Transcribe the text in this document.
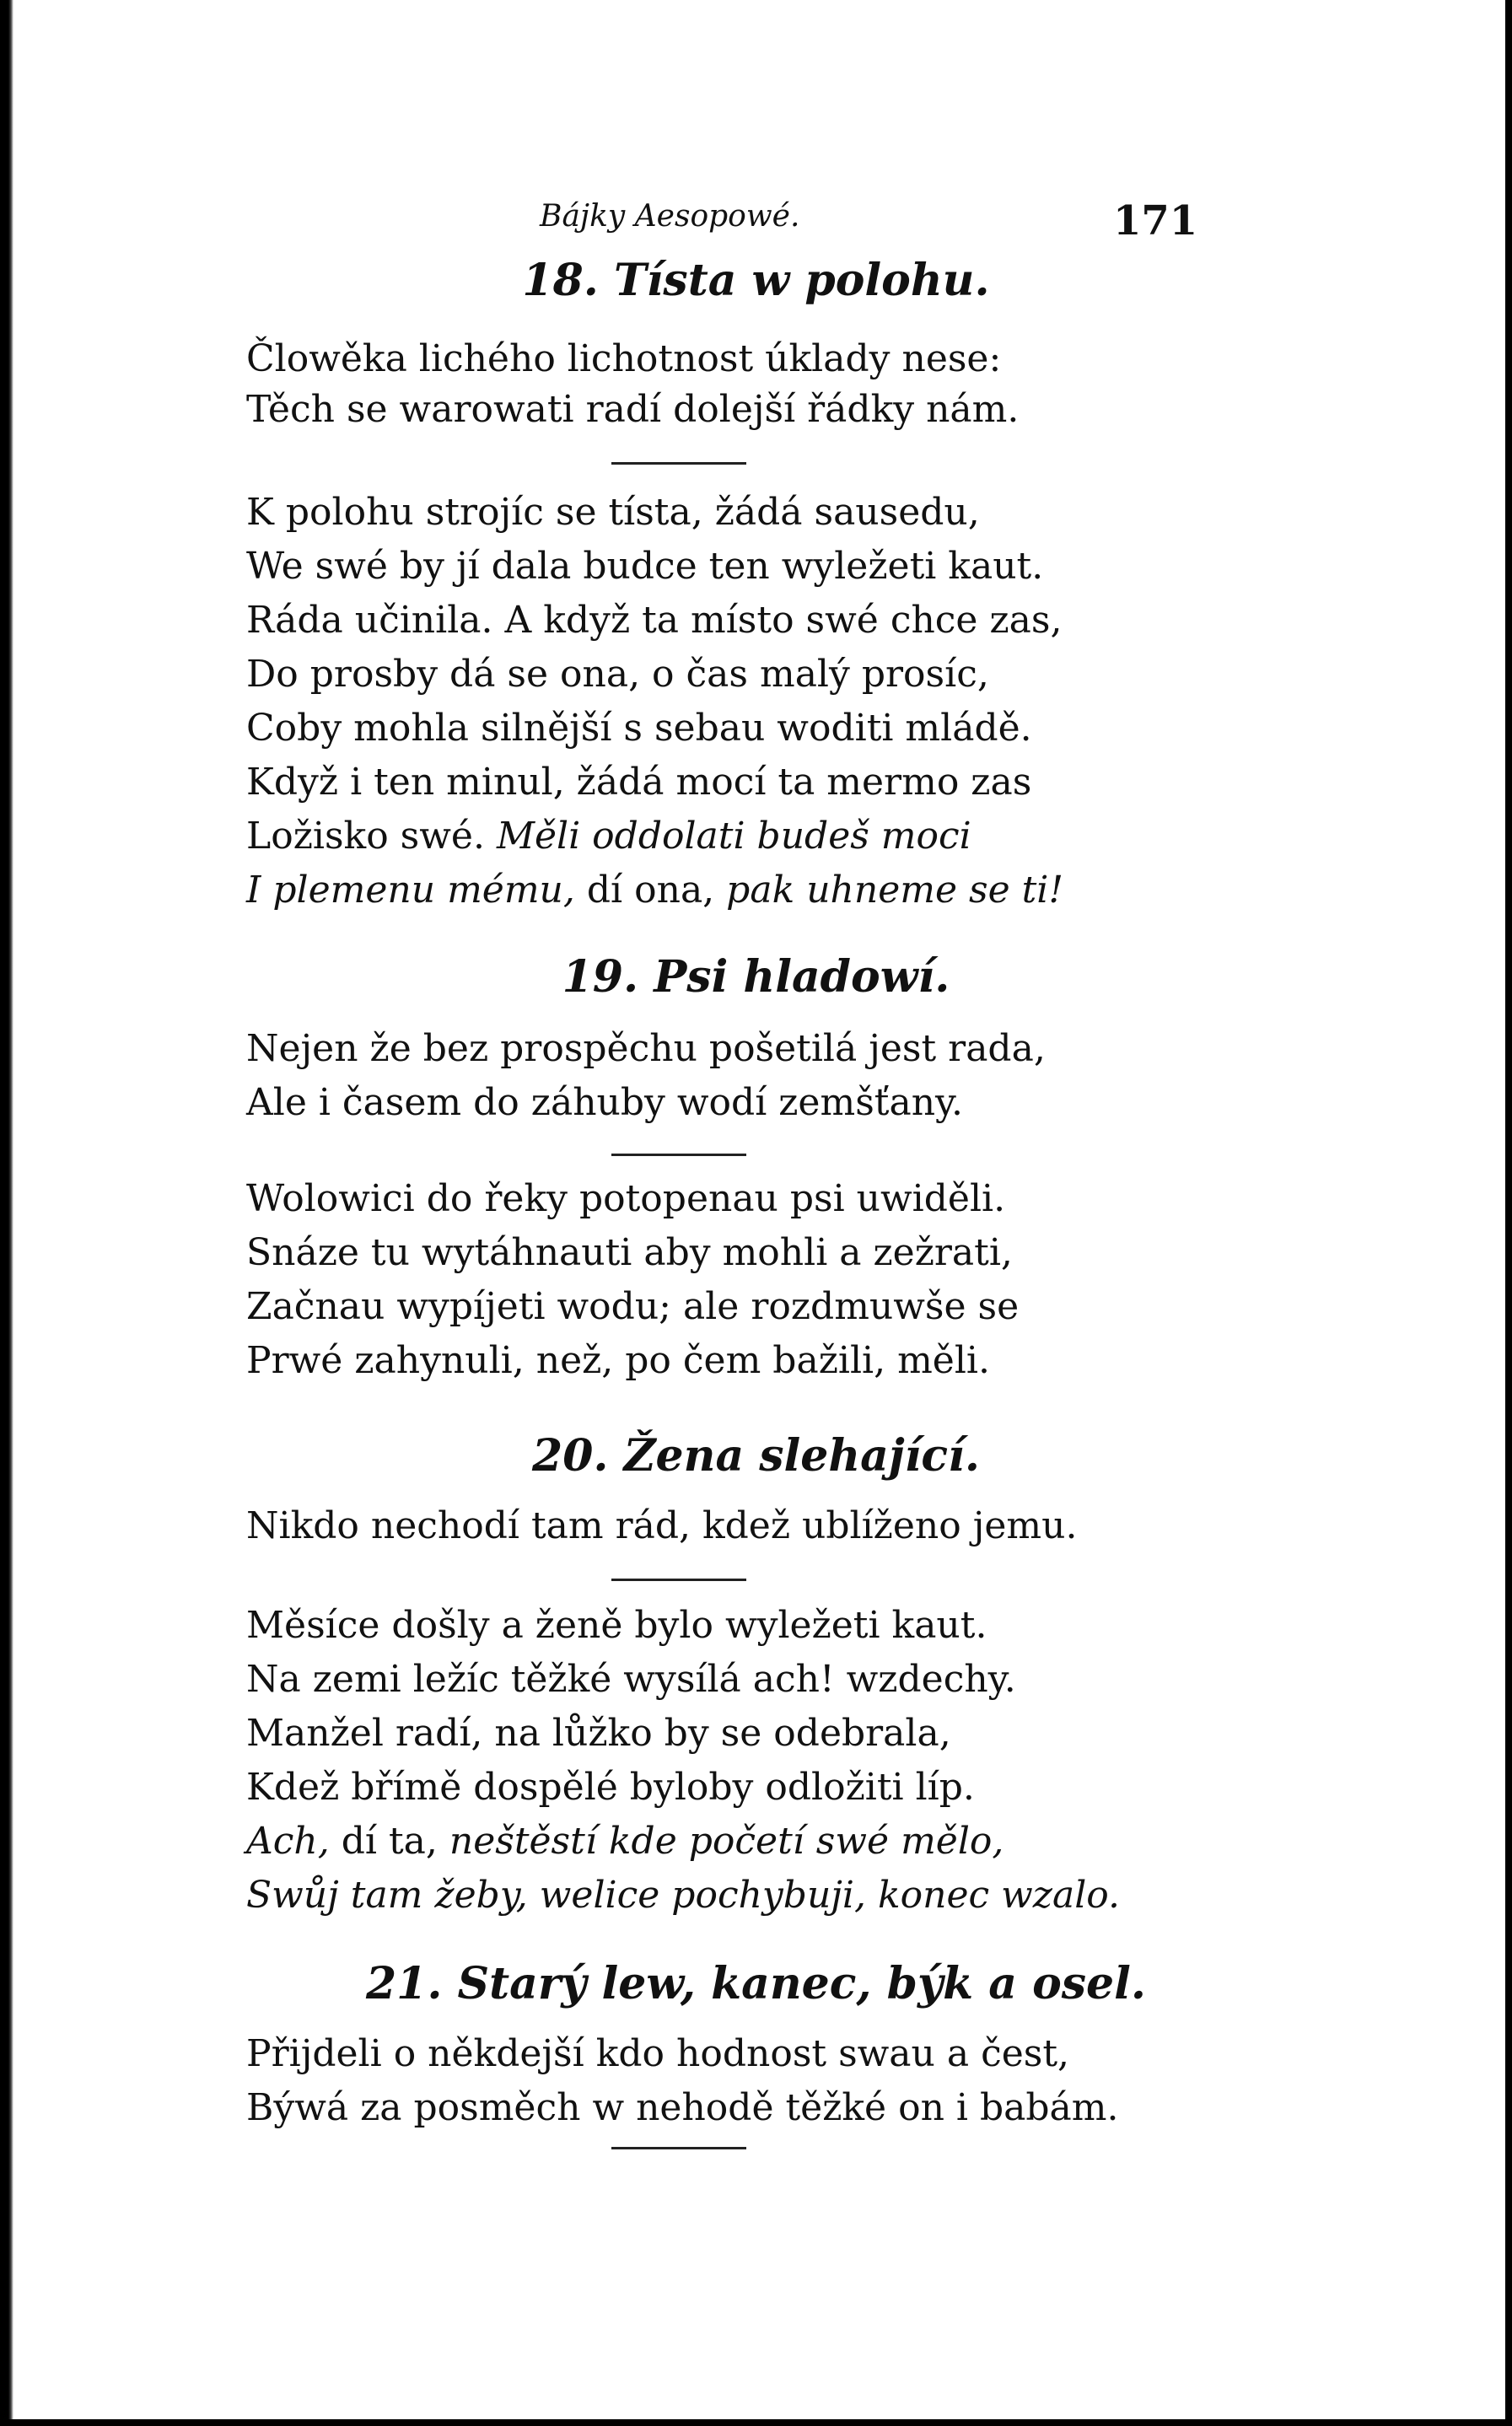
Bájky Aesopowé.	171
18. Tísta w polohu.
Člowěka lichého lichotnost úklady nese:
Těch se warowati radí dolejší řádky nám.
K polohu strojíc se tísta, žádá sausedu,
We swé by jí dala budce ten wyležeti kaut.
Ráda učinila. A když ta místo swé chce zas,
Do prosby dá se ona, o čas malý prosíc,
Coby mohla silnější s sebau woditi mládě.
Když i ten minul, žádá mocí ta mermo zas
Ložisko swé. Měli oddolati budeš moci
I plemenu mému, dí ona, pak uhneme se ti!
19. Psi hladowí.
Nejen že bez prospěchu pošetilá jest rada,
Ale i časem do záhuby wodí zemšťany.
Wolowici do řeky potopenau psi uwiděli.
Snáze tu wytáhnauti aby mohli a zežrati,
Začnau wypíjeti wodu; ale rozdmuwše se
Prwé zahynuli, než, po čem bažili, měli.
20. Žena slehající.
Nikdo nechodí tam rád, kdež ublíženo jemu.
Měsíce došly a ženě bylo wyležeti kaut.
Na zemi ležíc těžké wysílá ach! wzdechy.
Manžel radí, na lůžko by se odebrala,
Kdež břímě dospělé byloby odložiti líp.
Ach, dí ta, neštěstí kde početí swé mělo,
Swůj tam žeby, welice pochybuji, konec wzalo.
21. Starý lew, kanec, býk a osel.
Přijdeli o někdejší kdo hodnost swau a čest,
Býwá za posměch w nehodě těžké on i babám.
